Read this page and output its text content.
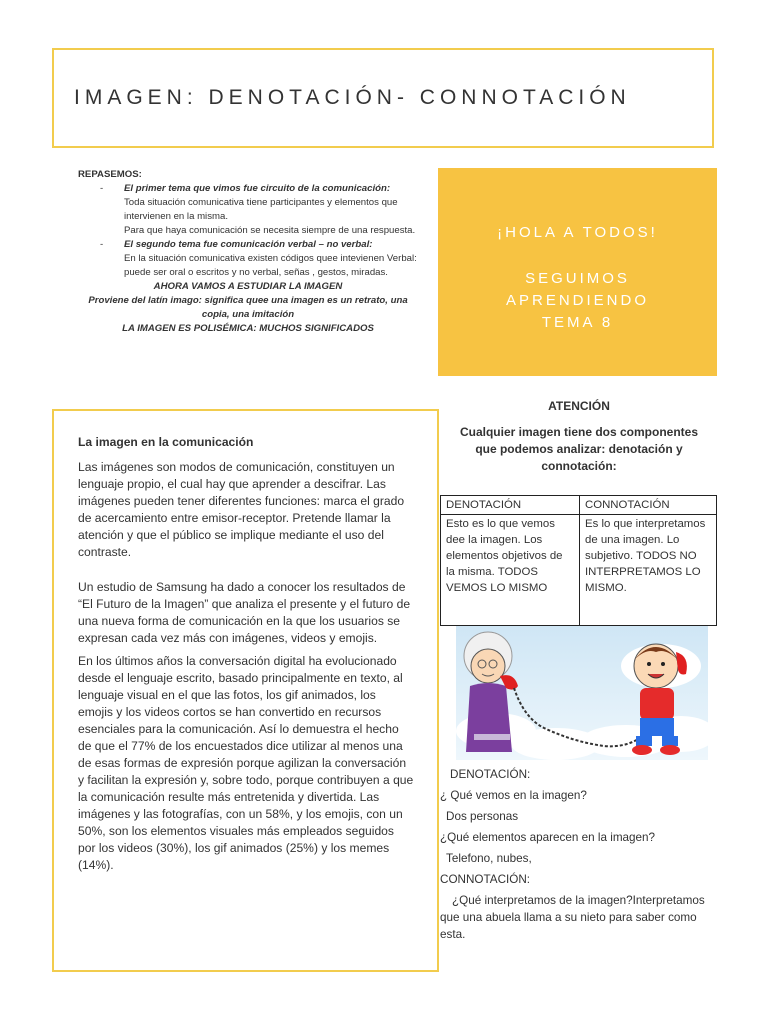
IMAGEN: DENOTACIÓN- CONNOTACIÓN
REPASEMOS:
- El primer tema que vimos fue circuito de la comunicación:
Toda situación comunicativa tiene participantes y elementos que intervienen en la misma.
Para que haya comunicación se necesita siempre de una respuesta.
- El segundo tema fue comunicación verbal – no verbal:
En la situación comunicativa existen códigos quee intevienen Verbal: puede ser oral o escritos y no verbal, señas , gestos, miradas.
AHORA VAMOS A ESTUDIAR LA IMAGEN
Proviene del latín imago: significa quee una imagen es un retrato, una copia, una imitación
LA IMAGEN ES POLISÉMICA: MUCHOS SIGNIFICADOS
¡HOLA A TODOS!
SEGUIMOS
APRENDIENDO
TEMA 8
La imagen en la comunicación

Las imágenes son modos de comunicación, constituyen un lenguaje propio, el cual hay que aprender a descifrar. Las imágenes pueden tener diferentes funciones: marca el grado de acercamiento entre emisor-receptor. Pretende llamar la atención y que el público se implique mediante el uso del contraste.

Un estudio de Samsung ha dado a conocer los resultados de “El Futuro de la Imagen” que analiza el presente y el futuro de una nueva forma de comunicación en la que los usuarios se expresan cada vez más con imágenes, videos y emojis.

En los últimos años la conversación digital ha evolucionado desde el lenguaje escrito, basado principalmente en texto, al lenguaje visual en el que las fotos, los gif animados, los emojis y los videos cortos se han convertido en recursos esenciales para la comunicación. Así lo demuestra el hecho de que el 77% de los encuestados dice utilizar al menos una de esas formas de expresión porque agilizan la conversación y facilitan la expresión y, sobre todo, porque contribuyen a que la comunicación resulte más entretenida y divertida. Las imágenes y las fotografías, con un 58%, y los emojis, con un 50%, son los elementos visuales más empleados seguidos por los videos (30%), los gif animados (25%) y los memes (14%).

ATENCIÓN
Cualquier imagen tiene dos componentes que podemos analizar: denotación y connotación:
DENOTACIÓN	CONNOTACIÓN
Esto es lo que vemos dee la imagen. Los elementos objetivos de la misma. TODOS VEMOS LO MISMO	Es lo que interpretamos de una imagen. Lo subjetivo. TODOS NO INTERPRETAMOS LO MISMO.
DENOTACIÓN:
¿ Qué vemos en la imagen?
Dos personas
¿Qué elementos aparecen en la imagen?
Telefono, nubes,
CONNOTACIÓN:
¿Qué interpretamos de la imagen?Interpretamos que una abuela llama a su nieto para saber como esta.
